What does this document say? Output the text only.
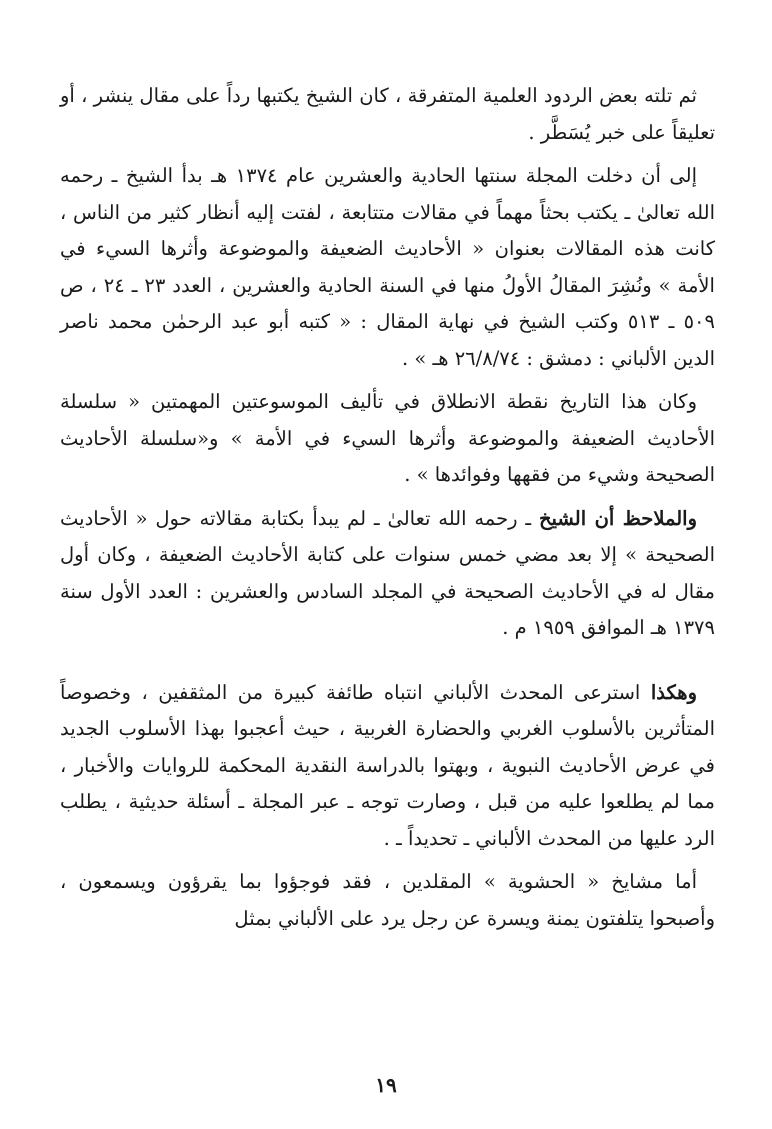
ثم تلته بعض الردود العلمية المتفرقة ، كان الشيخ يكتبها رداً على مقال ينشر ، أو تعليقاً على خبر يُسَطَّر .

إلى أن دخلت المجلة سنتها الحادية والعشرين عام ١٣٧٤ هـ بدأ الشيخ ـ رحمه الله تعالىٰ ـ يكتب بحثاً مهماً في مقالات متتابعة ، لفتت إليه أنظار كثير من الناس ، كانت هذه المقالات بعنوان « الأحاديث الضعيفة والموضوعة وأثرها السيء في الأمة » ونُشِرَ المقالُ الأولُ منها في السنة الحادية والعشرين ، العدد ٢٣ ـ ٢٤ ، ص ٥٠٩ ـ ٥١٣ وكتب الشيخ في نهاية المقال : « كتبه أبو عبد الرحمٰن محمد ناصر الدين الألباني : دمشق : ٢٦/٨/٧٤ هـ » .

وكان هذا التاريخ نقطة الانطلاق في تأليف الموسوعتين المهمتين « سلسلة الأحاديث الضعيفة والموضوعة وأثرها السيء في الأمة » و«سلسلة الأحاديث الصحيحة وشيء من فقهها وفوائدها » .

والملاحظ أن الشيخ ـ رحمه الله تعالىٰ ـ لم يبدأ بكتابة مقالاته حول « الأحاديث الصحيحة » إلا بعد مضي خمس سنوات على كتابة الأحاديث الضعيفة ، وكان أول مقال له في الأحاديث الصحيحة في المجلد السادس والعشرين : العدد الأول سنة ١٣٧٩ هـ الموافق ١٩٥٩ م .

وهكذا استرعى المحدث الألباني انتباه طائفة كبيرة من المثقفين ، وخصوصاً المتأثرين بالأسلوب الغربي والحضارة الغربية ، حيث أعجبوا بهذا الأسلوب الجديد في عرض الأحاديث النبوية ، وبهتوا بالدراسة النقدية المحكمة للروايات والأخبار ، مما لم يطلعوا عليه من قبل ، وصارت توجه ـ عبر المجلة ـ أسئلة حديثية ، يطلب الرد عليها من المحدث الألباني ـ تحديداً ـ .

أما مشايخ « الحشوية » المقلدين ، فقد فوجؤوا بما يقرؤون ويسمعون ، وأصبحوا يتلفتون يمنة ويسرة عن رجل يرد على الألباني بمثل

١٩
